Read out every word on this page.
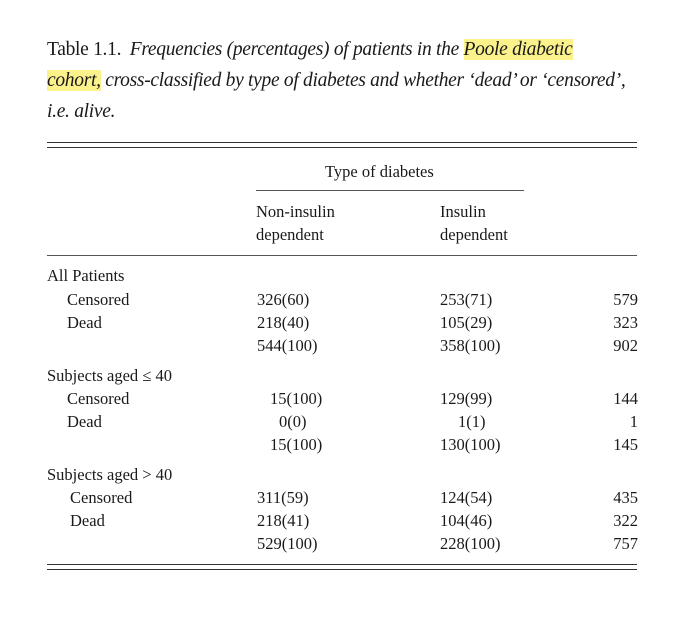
Table 1.1. Frequencies (percentages) of patients in the Poole diabetic
cohort, cross-classified by type of diabetes and whether ‘dead’ or ‘censored’, i.e. alive.
Type of diabetes
Non-insulin
dependent
Insulin
dependent
All Patients
Censored	326(60)	253(71)	579
Dead	218(40)	105(29)	323
544(100)	358(100)	902
Subjects aged ≤ 40
Censored	15(100)	129(99)	144
Dead	0(0)	1(1)	1
15(100)	130(100)	145
Subjects aged > 40
Censored	311(59)	124(54)	435
Dead	218(41)	104(46)	322
529(100)	228(100)	757
